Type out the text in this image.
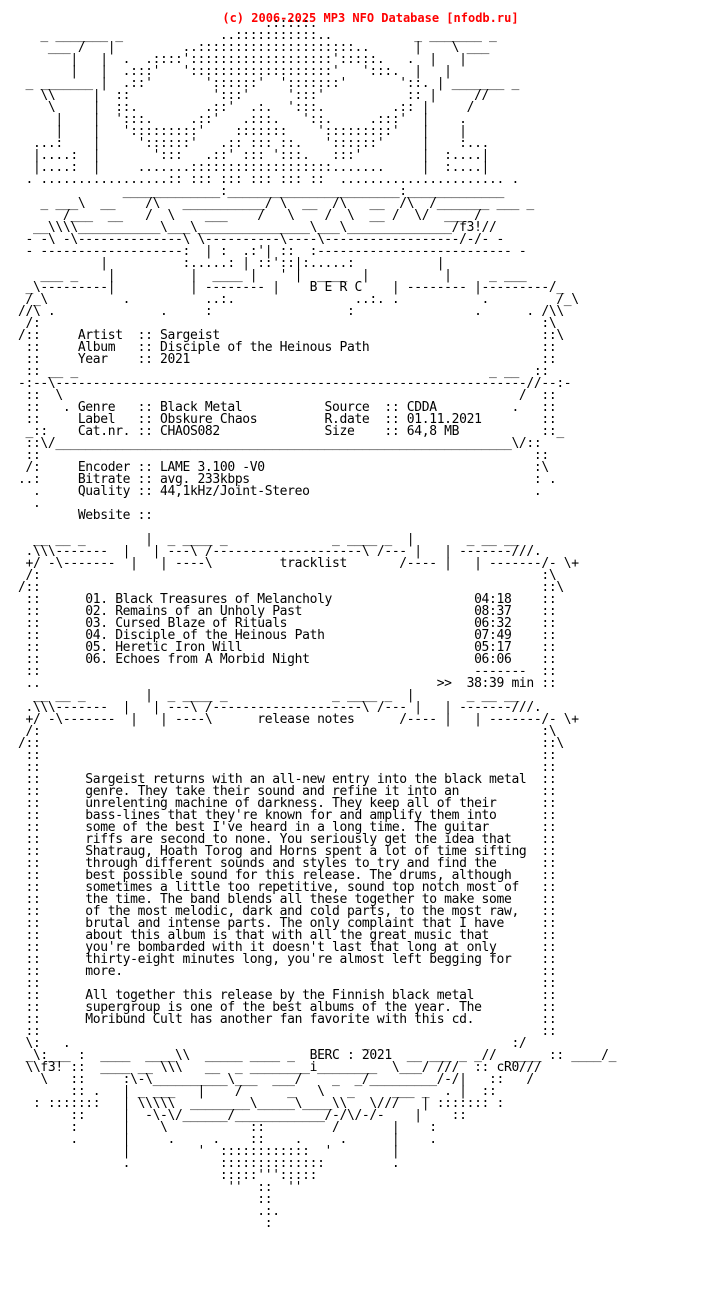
(c) 2006-2025 MP3 NFO Database [nfodb.ru]

.:::::.
_ _______ _             ..:::::::::::..           _ _______ _
___ /   |         ..:::::::::::::::::::::..      |    \ ___
|   |  .  .::::':::::::::::::::::::':::::.   .  |   |
|   |  .:::'   ':::::::::::::::::::'   ':::.  |   |
_ _______ |  .::'       '::::::'  ':::::::'       '::. | _______ _
\\     |  ::           ':::'     ':::'           :: |     //
\     |  ::.         .::'  .:.  ':::.         .:: |     /
|    |  ':::.     .::'   .:::.   '::.     .:::'  |    .
|    |   ':::::::::'    :::::::    ':::::::::'   |    |
...:    |     '::::::'   .:: ::: ::.   '::::::'     |    :...
|....:  |       ':::   .::' ::: ':::.   :::'        |  :....|
|....:  |     .......:::::::::::::::::::.......     |  :....|
. .................:: ::: ::: ::: ::: ::  ...................... .
_____________:_______________________:_____________
_ ___\  __    /\   ___________/ \  __  /\   __  /\  /_______ ___ _
/___  __   /  \    ___    /   \    /  \  __ /  \/  ___ /
__\\\\___________\___\_______________\___\______________/f3!//
- -\ -\--------------\ \----------\----\------------------/-/- -
- -------------------:  | :  .:'| ::  :-------------------------- -
|          :.....: | ::'::|:.....:           |
___ _    |          |  ____ |   ' |  ____  |          |     _ ___
_\---------|          | -------- |    B E R C    | -------- |---------/_
/_\          .          ..:.                ..:. .           .         /_\
//\ .              .     :                  :                .      . /\\
/:                                                                   :\
/::     Artist  :: Sargeist                                           ::\
::     Album   :: Disciple of the Heinous Path                       ::
::     Year    :: 2021                                               ::
:: __ _                                                       _ __  ::
-:--\---------------------------------------------------------------//--:-
::  \                                                             /  ::
::   . Genre   :: Black Metal           Source  :: CDDA          .   ::
::     Label   :: Obskure Chaos         R.date  :: 01.11.2021        ::
_::    Cat.nr. :: CHAOS082              Size    :: 64,8 MB           ::_
::\/_____________________________________________________________\/::
::                                                                  ::
/:     Encoder :: LAME 3.100 -V0                                    :\
..:     Bitrate :: avg. 233kbps                                      : .
.     Quality :: 44,1kHz/Joint-Stereo                              .
.
Website ::

__ __ _        |  _ ____ _              _ ____ _  |       _ __ __
.\\\-------  |   | ---\ /--------------------\ /--- |   | -------///.
+/ -\-------  |   | ----\         tracklist       /---- |   | -------/- \+
/:                                                                   :\
/::                                                                   ::\
::      01. Black Treasures of Melancholy                   04:18    ::
::      02. Remains of an Unholy Past                       08:37    ::
::      03. Cursed Blaze of Rituals                         06:32    ::
::      04. Disciple of the Heinous Path                    07:49    ::
::      05. Heretic Iron Will                               05:17    ::
::      06. Echoes from A Morbid Night                      06:06    ::
::                                                          -------  ::
..                                                     >>  38:39 min ::
__ __ _        |  _ ____ _              _ ____ _  |       _ __ __
.\\\-------  |   | ---\ /--------------------\ /--- |   | -------///.
+/ -\-------  |   | ----\      release notes      /---- |   | -------/- \+
/:                                                                   :\
/::                                                                   ::\
::                                                                   ::
::                                                                   ::
::      Sargeist returns with an all-new entry into the black metal  ::
::      genre. They take their sound and refine it into an           ::
::      unrelenting machine of darkness. They keep all of their      ::
::      bass-lines that they're known for and amplify them into      ::
::      some of the best I've heard in a long time. The guitar       ::
::      riffs are second to none. You seriously get the idea that    ::
::      Shatraug, Hoath Torog and Horns spent a lot of time sifting  ::
::      through different sounds and styles to try and find the      ::
::      best possible sound for this release. The drums, although    ::
::      sometimes a little too repetitive, sound top notch most of   ::
::      the time. The band blends all these together to make some    ::
::      of the most melodic, dark and cold parts, to the most raw,   ::
::      brutal and intense parts. The only complaint that I have     ::
::      about this album is that with all the great music that       ::
::      you're bombarded with it doesn't last that long at only      ::
::      thirty-eight minutes long, you're almost left begging for    ::
::      more.                                                        ::
::                                                                   ::
::      All together this release by the Finnish black metal         ::
::      supergroup is one of the best albums of the year. The        ::
::      Moribund Cult has another fan favorite with this cd.         ::
::                                                                   ::
\:   .                                       _                   :/
_\:___ :  ____  ____\\  _____ ____ _  BERC : 2021  __ ___ _ _//  ____ :: ____/_
\\f3! ::  ____ __ \\\   __  _ ________i________  \___/ ///  :: cR0///
\   ::     :\-\__________\___  ___/    _  _/_________/-/|   ::   /
:: .   | _ ___   |    /      _   \   _     ___ _  . |  ::
: :::::::   | \\\\\  ________\_____\____\\   \///   | ::::::: :
::     |  -\-\/______/____________/-/\/-/-    |    ::
:      |    \           ::         /       |    :
.      |     .     .    ::    .     .      |    .
|         '  ::::::::::::  '        |
.            ::::::::::::::         .
:::::''':::::
''  ::  ''
::
.:.
:
